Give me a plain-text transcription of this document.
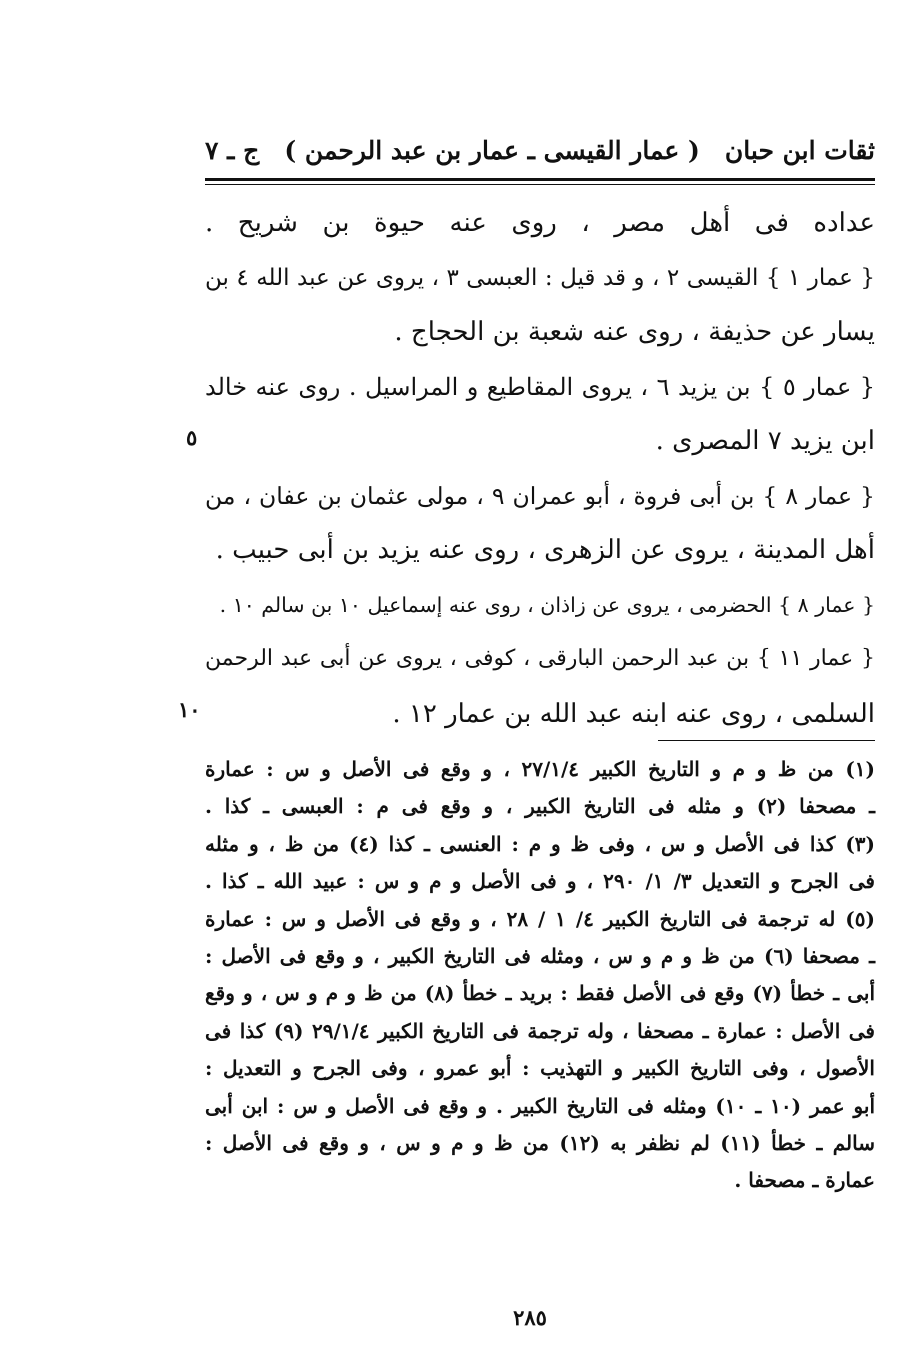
ثقات ابن حبان
( عمار القيسى ـ عمار بن عبد الرحمن )
ج ـ ٧
عداده فى أهل مصر ، روى عنه حيوة بن شريح .
{ عمار ١ } القيسى ٢ ، و قد قيل : العبسى ٣ ، يروى عن عبد الله ٤ بن
يسار عن حذيفة ، روى عنه شعبة بن الحجاج .
{ عمار ٥ } بن يزيد ٦ ، يروى المقاطيع و المراسيل . روى عنه خالد
ابن يزيد ٧ المصرى .
{ عمار ٨ } بن أبى فروة ، أبو عمران ٩ ، مولى عثمان بن عفان ، من
أهل المدينة ، يروى عن الزهرى ، روى عنه يزيد بن أبى حبيب .
{ عمار ٨ } الحضرمى ، يروى عن زاذان ، روى عنه إسماعيل ١٠ بن سالم ١٠ .
{ عمار ١١ } بن عبد الرحمن البارقى ، كوفى ، يروى عن أبى عبد الرحمن
السلمى ، روى عنه ابنه عبد الله بن عمار ١٢ .
٥
١٠
(١) من ظ و م و التاريخ الكبير ٢٧/١/٤ ، و وقع فى الأصل و س : عمارة
ـ مصحفا (٢) و مثله فى التاريخ الكبير ، و وقع فى م : العبسى ـ كذا .
(٣) كذا فى الأصل و س ، وفى ظ و م : العنسى ـ كذا (٤) من ظ ، و مثله
فى الجرح و التعديل ٣/ ١/ ٢٩٠ ، و فى الأصل و م و س : عبيد الله ـ كذا .
(٥) له ترجمة فى التاريخ الكبير ٤/ ١ / ٢٨ ، و وقع فى الأصل و س : عمارة
ـ مصحفا (٦) من ظ و م و س ، ومثله فى التاريخ الكبير ، و وقع فى الأصل :
أبى ـ خطأ (٧) وقع فى الأصل فقط : بريد ـ خطأ (٨) من ظ و م و س ، و وقع
فى الأصل : عمارة ـ مصحفا ، وله ترجمة فى التاريخ الكبير ٢٩/١/٤ (٩) كذا فى
الأصول ، وفى التاريخ الكبير و التهذيب : أبو عمرو ، وفى الجرح و التعديل :
أبو عمر (١٠ ـ ١٠) ومثله فى التاريخ الكبير . و وقع فى الأصل و س : ابن أبى
سالم ـ خطأ (١١) لم نظفر به (١٢) من ظ و م و س ، و وقع فى الأصل :
عمارة ـ مصحفا .
٢٨٥
